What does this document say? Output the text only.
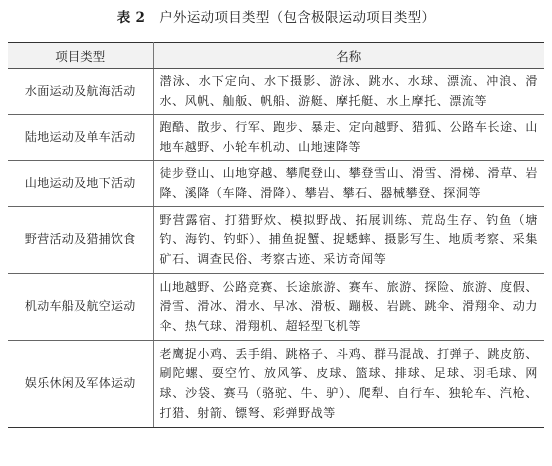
表 2 户外运动项目类型（包含极限运动项目类型）
项目类型	名称
水面运动及航海活动	潜泳、水下定向、水下摄影、游泳、跳水、水球、漂流、冲浪、滑水、风帆、舢舨、帆船、游艇、摩托艇、水上摩托、漂流等
陆地运动及单车活动	跑酷、散步、行军、跑步、暴走、定向越野、猎狐、公路车长途、山地车越野、小轮车机动、山地速降等
山地运动及地下活动	徒步登山、山地穿越、攀爬登山、攀登雪山、滑雪、滑梯、滑草、岩降、溪降（车降、滑降）、攀岩、攀石、器械攀登、探洞等
野营活动及猎捕饮食	野营露宿、打猎野炊、模拟野战、拓展训练、荒岛生存、钓鱼（塘钓、海钓、钓虾）、捕鱼捉蟹、捉蟋蟀、摄影写生、地质考察、采集矿石、调查民俗、考察古迹、采访奇闻等
机动车船及航空运动	山地越野、公路竞赛、长途旅游、赛车、旅游、探险、旅游、度假、滑雪、滑冰、滑水、早冰、滑板、蹦极、岩跳、跳伞、滑翔伞、动力伞、热气球、滑翔机、超轻型飞机等
娱乐休闲及军体运动	老鹰捉小鸡、丢手绢、跳格子、斗鸡、群马混战、打弹子、跳皮筋、刷陀螺、耍空竹、放风筝、皮球、篮球、排球、足球、羽毛球、网球、沙袋、赛马（骆驼、牛、驴）、爬犁、自行车、独轮车、汽枪、打猎、射箭、镖弩、彩弹野战等
